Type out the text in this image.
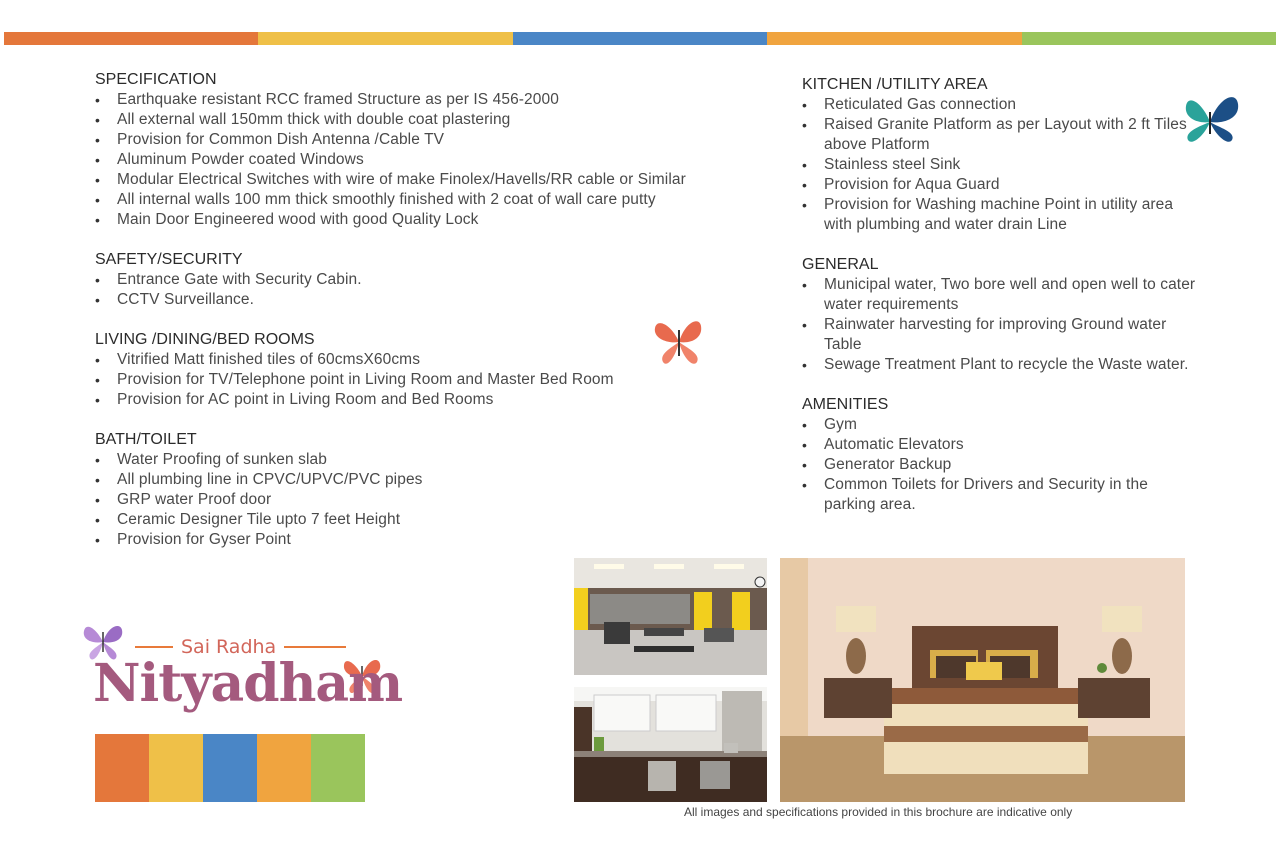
SPECIFICATION
• Earthquake resistant RCC framed Structure as per IS 456-2000
• All external wall 150mm thick with double coat plastering
• Provision for Common Dish Antenna /Cable TV
• Aluminum Powder coated Windows
• Modular Electrical Switches with wire of make Finolex/Havells/RR cable or Similar
• All internal walls 100 mm thick smoothly finished with 2 coat of wall care putty
• Main Door Engineered wood with good Quality Lock
SAFETY/SECURITY
• Entrance Gate with Security Cabin.
• CCTV Surveillance.
LIVING /DINING/BED ROOMS
• Vitrified Matt finished tiles of 60cmsX60cms
• Provision for TV/Telephone point in Living Room and Master Bed Room
• Provision for AC point in Living Room and Bed Rooms
BATH/TOILET
• Water Proofing of sunken slab
• All plumbing line in CPVC/UPVC/PVC pipes
• GRP water Proof door
• Ceramic Designer Tile upto 7 feet Height
• Provision for Gyser Point
KITCHEN /UTILITY AREA
• Reticulated Gas connection
• Raised Granite Platform as per Layout with 2 ft Tiles above Platform
• Stainless steel Sink
• Provision for Aqua Guard
• Provision for Washing machine Point in utility area with plumbing and water drain Line
GENERAL
• Municipal water, Two bore well and open well to cater water requirements
• Rainwater harvesting for improving Ground water Table
• Sewage Treatment Plant to recycle the Waste water.
AMENITIES
• Gym
• Automatic Elevators
• Generator Backup
• Common Toilets for Drivers and Security in the parking area.
Sai Radha
Nityadham
All images and specifications provided in this brochure are indicative only
